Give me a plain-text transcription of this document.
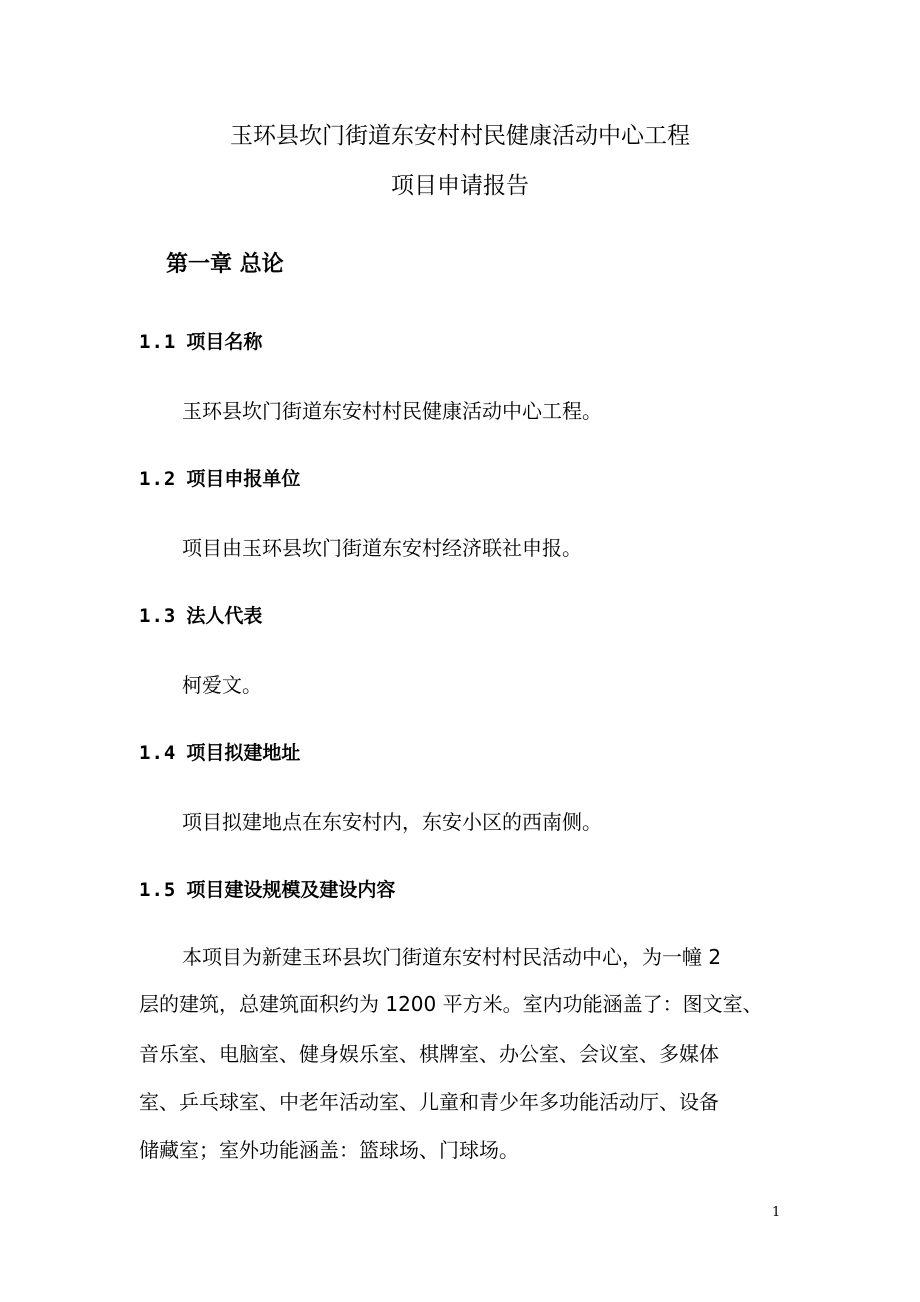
玉环县坎门街道东安村村民健康活动中心工程
项目申请报告
第一章 总论
1.1 项目名称
玉环县坎门街道东安村村民健康活动中心工程。
1.2 项目申报单位
项目由玉环县坎门街道东安村经济联社申报。
1.3 法人代表
柯爱文。
1.4 项目拟建地址
项目拟建地点在东安村内，东安小区的西南侧。
1.5 项目建设规模及建设内容
本项目为新建玉环县坎门街道东安村村民活动中心，为一幢 2
层的建筑，总建筑面积约为 1200 平方米。室内功能涵盖了：图文室、
音乐室、电脑室、健身娱乐室、棋牌室、办公室、会议室、多媒体
室、乒乓球室、中老年活动室、儿童和青少年多功能活动厅、设备
储藏室；室外功能涵盖：篮球场、门球场。
1
